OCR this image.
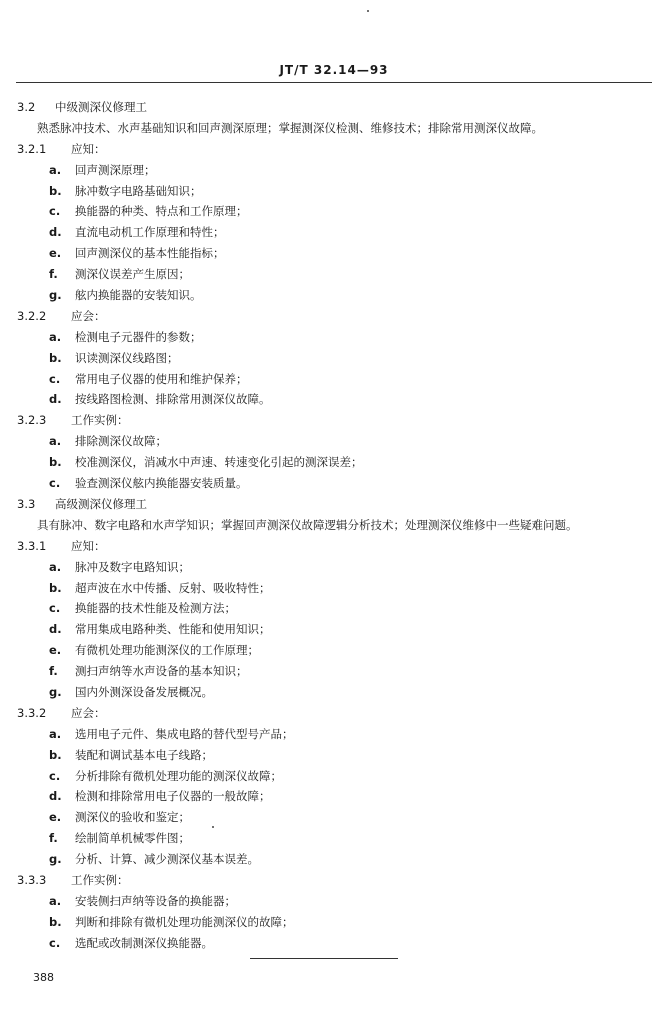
JT/T 32.14—93
3.2 中级测深仪修理工
熟悉脉冲技术、水声基础知识和回声测深原理；掌握测深仪检测、维修技术；排除常用测深仪故障。
3.2.1 应知：
a. 回声测深原理；
b. 脉冲数字电路基础知识；
c. 换能器的种类、特点和工作原理；
d. 直流电动机工作原理和特性；
e. 回声测深仪的基本性能指标；
f. 测深仪误差产生原因；
g. 舷内换能器的安装知识。
3.2.2 应会：
a. 检测电子元器件的参数；
b. 识读测深仪线路图；
c. 常用电子仪器的使用和维护保养；
d. 按线路图检测、排除常用测深仪故障。
3.2.3 工作实例：
a. 排除测深仪故障；
b. 校准测深仪，消减水中声速、转速变化引起的测深误差；
c. 验查测深仪舷内换能器安装质量。
3.3 高级测深仪修理工
具有脉冲、数字电路和水声学知识；掌握回声测深仪故障逻辑分析技术；处理测深仪维修中一些疑难问题。
3.3.1 应知：
a. 脉冲及数字电路知识；
b. 超声波在水中传播、反射、吸收特性；
c. 换能器的技术性能及检测方法；
d. 常用集成电路种类、性能和使用知识；
e. 有微机处理功能测深仪的工作原理；
f. 测扫声纳等水声设备的基本知识；
g. 国内外测深设备发展概况。
3.3.2 应会：
a. 选用电子元件、集成电路的替代型号产品；
b. 装配和调试基本电子线路；
c. 分析排除有微机处理功能的测深仪故障；
d. 检测和排除常用电子仪器的一般故障；
e. 测深仪的验收和鉴定；
f. 绘制简单机械零件图；
g. 分析、计算、减少测深仪基本误差。
3.3.3 工作实例：
a. 安装侧扫声纳等设备的换能器；
b. 判断和排除有微机处理功能测深仪的故障；
c. 选配或改制测深仪换能器。
388
